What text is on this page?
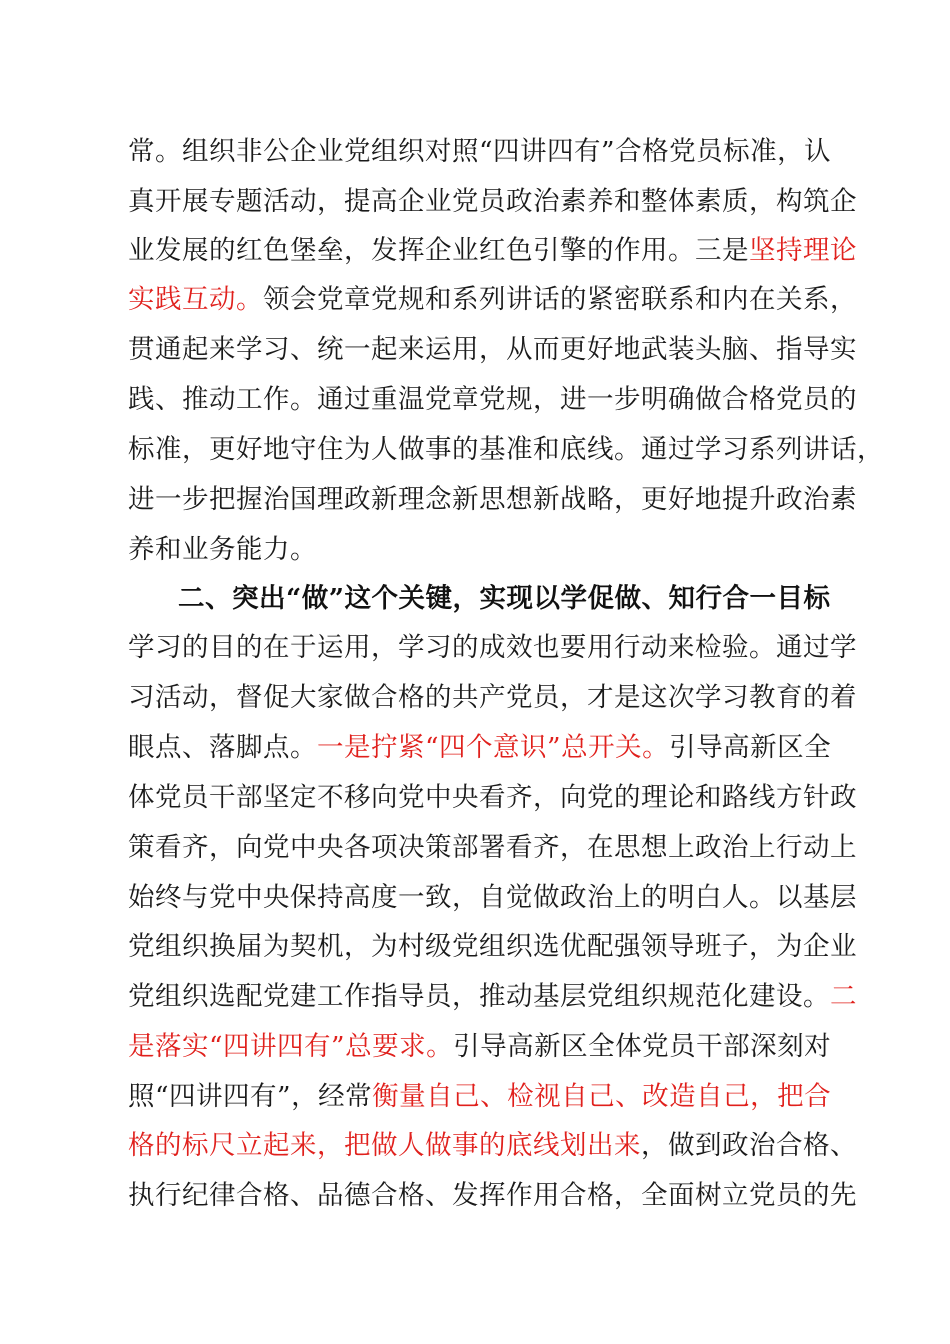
常。组织非公企业党组织对照“四讲四有”合格党员标准，认
真开展专题活动，提高企业党员政治素养和整体素质，构筑企
业发展的红色堡垒，发挥企业红色引擎的作用。三是坚持理论
实践互动。领会党章党规和系列讲话的紧密联系和内在关系，
贯通起来学习、统一起来运用，从而更好地武装头脑、指导实
践、推动工作。通过重温党章党规，进一步明确做合格党员的
标准，更好地守住为人做事的基准和底线。通过学习系列讲话，
进一步把握治国理政新理念新思想新战略，更好地提升政治素
养和业务能力。
二、突出“做”这个关键，实现以学促做、知行合一目标
学习的目的在于运用，学习的成效也要用行动来检验。通过学
习活动，督促大家做合格的共产党员，才是这次学习教育的着
眼点、落脚点。一是拧紧“四个意识”总开关。引导高新区全
体党员干部坚定不移向党中央看齐，向党的理论和路线方针政
策看齐，向党中央各项决策部署看齐，在思想上政治上行动上
始终与党中央保持高度一致，自觉做政治上的明白人。以基层
党组织换届为契机，为村级党组织选优配强领导班子，为企业
党组织选配党建工作指导员，推动基层党组织规范化建设。二
是落实“四讲四有”总要求。引导高新区全体党员干部深刻对
照“四讲四有”，经常衡量自己、检视自己、改造自己，把合
格的标尺立起来，把做人做事的底线划出来，做到政治合格、
执行纪律合格、品德合格、发挥作用合格，全面树立党员的先
